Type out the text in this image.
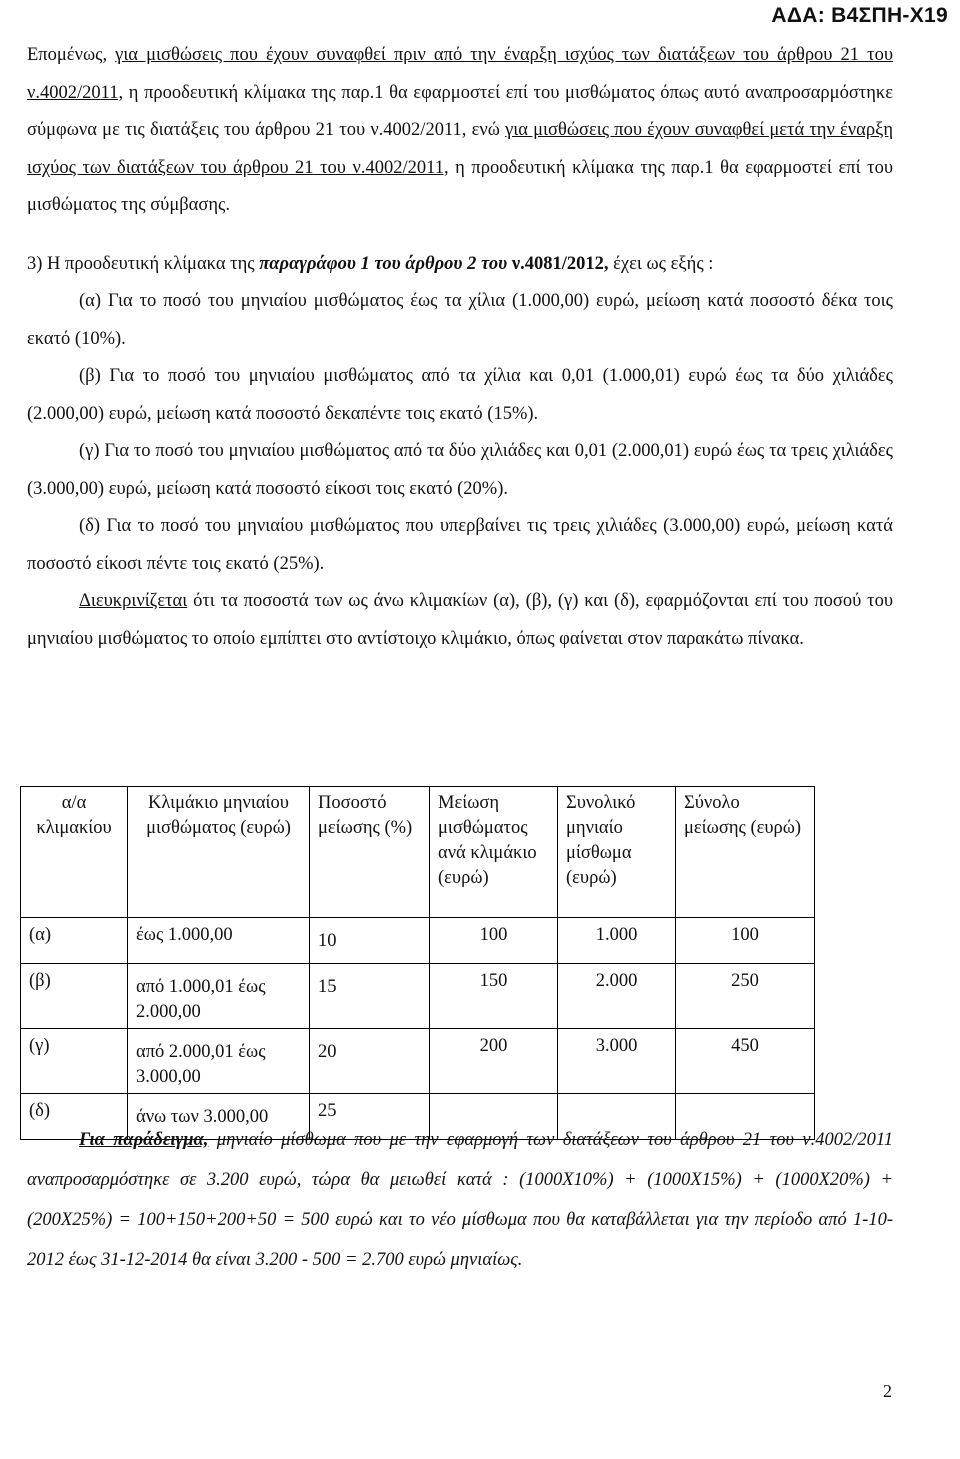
ΑΔΑ: Β4ΣΠΗ-Χ19

Επομένως, για μισθώσεις που έχουν συναφθεί πριν από την έναρξη ισχύος των διατάξεων του άρθρου 21 του ν.4002/2011, η προοδευτική κλίμακα της παρ.1 θα εφαρμοστεί επί του μισθώματος όπως αυτό αναπροσαρμόστηκε σύμφωνα με τις διατάξεις του άρθρου 21 του ν.4002/2011, ενώ για μισθώσεις που έχουν συναφθεί μετά την έναρξη ισχύος των διατάξεων του άρθρου 21 του ν.4002/2011, η προοδευτική κλίμακα της παρ.1 θα εφαρμοστεί επί του μισθώματος της σύμβασης.

3) Η προοδευτική κλίμακα της παραγράφου 1 του άρθρου 2 του ν.4081/2012, έχει ως εξής :

(α) Για το ποσό του μηνιαίου μισθώματος έως τα χίλια (1.000,00) ευρώ, μείωση κατά ποσοστό δέκα τοις εκατό (10%).

(β) Για το ποσό του μηνιαίου μισθώματος από τα χίλια και 0,01 (1.000,01) ευρώ έως τα δύο χιλιάδες (2.000,00) ευρώ, μείωση κατά ποσοστό δεκαπέντε τοις εκατό (15%).

(γ) Για το ποσό του μηνιαίου μισθώματος από τα δύο χιλιάδες και 0,01 (2.000,01) ευρώ έως τα τρεις χιλιάδες (3.000,00) ευρώ, μείωση κατά ποσοστό είκοσι τοις εκατό (20%).

(δ) Για το ποσό του μηνιαίου μισθώματος που υπερβαίνει τις τρεις χιλιάδες (3.000,00) ευρώ, μείωση κατά ποσοστό είκοσι πέντε τοις εκατό (25%).

Διευκρινίζεται ότι τα ποσοστά των ως άνω κλιμακίων (α), (β), (γ) και (δ), εφαρμόζονται επί του ποσού του μηνιαίου μισθώματος το οποίο εμπίπτει στο αντίστοιχο κλιμάκιο, όπως φαίνεται στον παρακάτω πίνακα.

α/α κλιμακίου	Κλιμάκιο μηνιαίου μισθώματος (ευρώ)	Ποσοστό μείωσης (%)	Μείωση μισθώματος ανά κλιμάκιο (ευρώ)	Συνολικό μηνιαίο μίσθωμα (ευρώ)	Σύνολο μείωσης (ευρώ)
(α)	έως 1.000,00	10	100	1.000	100
(β)	από 1.000,01 έως 2.000,00	15	150	2.000	250
(γ)	από 2.000,01 έως 3.000,00	20	200	3.000	450
(δ)	άνω των 3.000,00	25			

Για παράδειγμα, μηνιαίο μίσθωμα που με την εφαρμογή των διατάξεων του άρθρου 21 του ν.4002/2011 αναπροσαρμόστηκε σε 3.200 ευρώ, τώρα θα μειωθεί κατά : (1000Χ10%) + (1000Χ15%) + (1000Χ20%) + (200Χ25%) = 100+150+200+50 = 500 ευρώ και το νέο μίσθωμα που θα καταβάλλεται για την περίοδο από 1-10-2012 έως 31-12-2014 θα είναι 3.200 - 500 = 2.700 ευρώ μηνιαίως.

2
